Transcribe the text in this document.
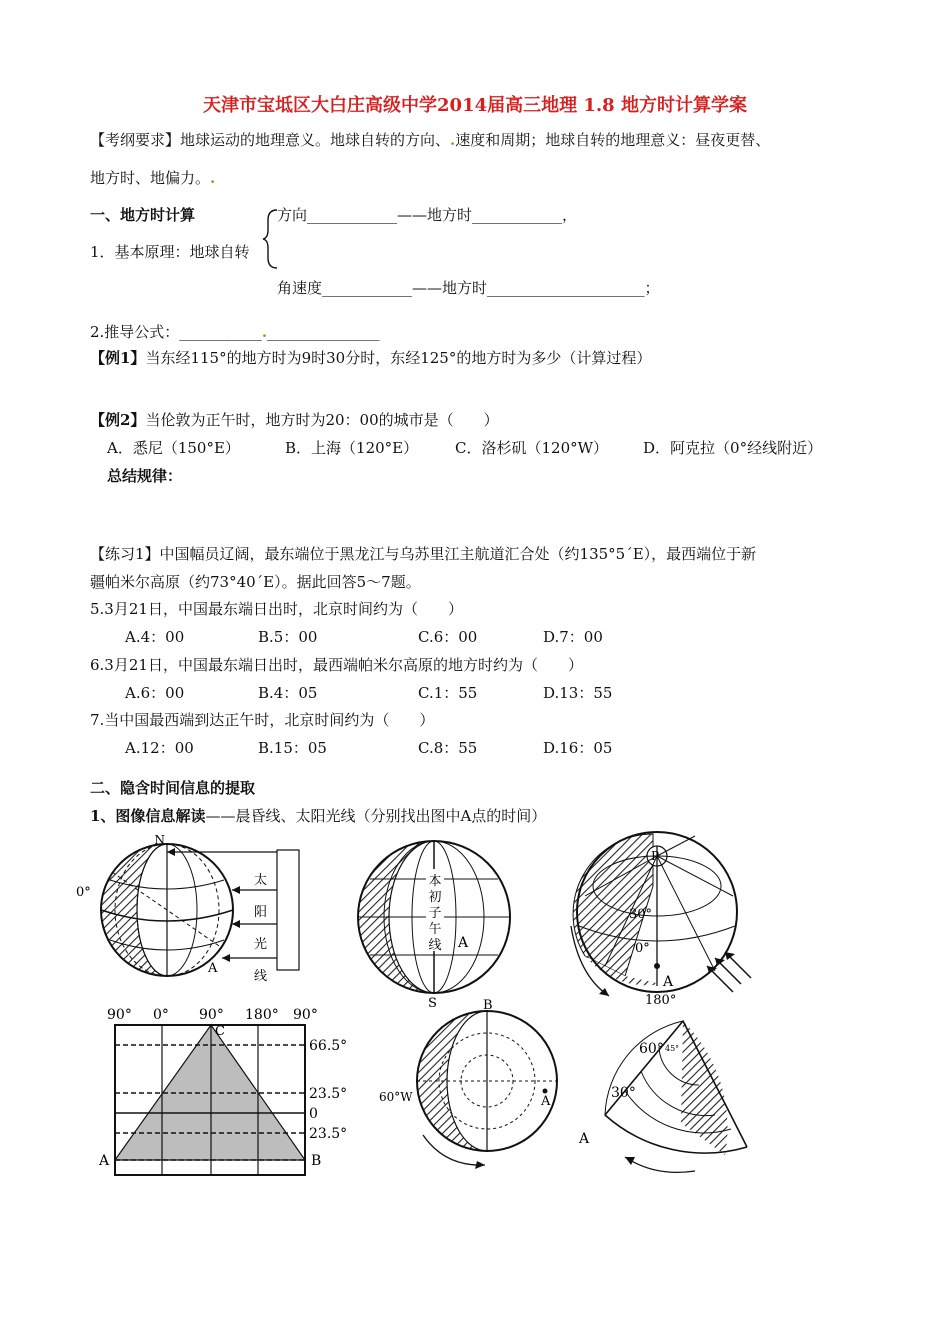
天津市宝坻区大白庄高级中学2014届高三地理 1.8 地方时计算学案
【考纲要求】地球运动的地理意义。地球自转的方向、.速度和周期；地球自转的地理意义：昼夜更替、
地方时、地偏力。.
一、地方时计算	方向____________——地方时____________，
1．基本原理：地球自转
角速度____________——地方时_____________________；
2.推导公式：___________._______________
【例1】当东经115°的地方时为9时30分时，东经125°的地方时为多少（计算过程）
【例2】当伦敦为正午时，地方时为20：00的城市是（　　）
A．悉尼（150°E）	B．上海（120°E） C．洛杉矶（120°W） D．阿克拉（0°经线附近）
总结规律：
【练习1】中国幅员辽阔，最东端位于黑龙江与乌苏里江主航道汇合处（约135°5´E），最西端位于新
疆帕米尔高原（约73°40´E）。据此回答5～7题。
5.3月21日，中国最东端日出时，北京时间约为（　　）
A.4：00	B.5：00	C.6：00	D.7：00
6.3月21日，中国最东端日出时，最西端帕米尔高原的地方时约为（　　）
A.6：00	B.4：05	C.1：55	D.13：55
7.当中国最西端到达正午时，北京时间约为（　　）
A.12：00	B.15：05	C.8：55	D.16：05
二、隐含时间信息的提取
1、图像信息解读——晨昏线、太阳光线（分别找出图中A点的时间）
N
0°
A
太
阳
光
线
本
初
子
午
线 A
S
P
30°
0°
A
180°
90° 0° 90° 180° 90°
C
66.5°
23.5°
0
23.5°
A	B
B
60°W	A
60° 45°
30°
A
